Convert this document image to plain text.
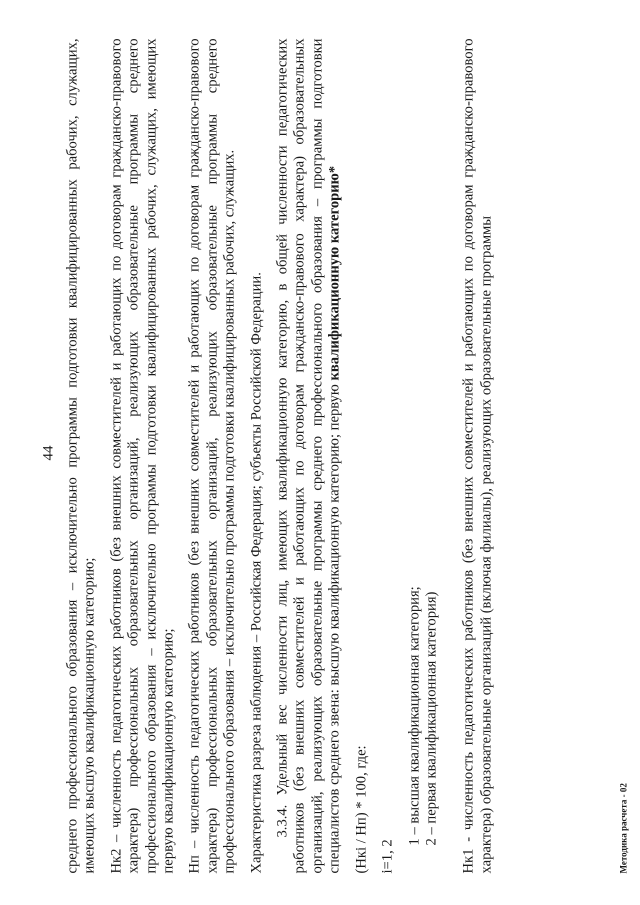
44 среднего профессионального образования – исключительно программы подготовки квалифицированных рабочих, служащих, имеющих высшую квалификационную категорию; Нк2 – численность педагогических работников (без внешних совместителей и работающих по договорам гражданско-правового характера) профессиональных образовательных организаций, реализующих образовательные программы среднего профессионального образования – исключительно программы подготовки квалифицированных рабочих, служащих, имеющих первую квалификационную категорию; Нп – численность педагогических работников (без внешних совместителей и работающих по договорам гражданско-правового характера) профессиональных образовательных организаций, реализующих образовательные программы среднего профессионального образования – исключительно программы подготовки квалифицированных рабочих, служащих. Характеристика разреза наблюдения – Российская Федерация; субъекты Российской Федерации. 3.3.4. Удельный вес численности лиц, имеющих квалификационную категорию, в общей численности педагогических работников (без внешних совместителей и работающих по договорам гражданско-правового характера) образовательных организаций, реализующих образовательные программы среднего профессионального образования – программы подготовки специалистов среднего звена: высшую квалификационную категорию; первую квалификационную категорию*

(Нкi / Нп) * 100, где: i=1, 2

1 – высшая квалификационная категория; 2 – первая квалификационная категория) Нк1 - численность педагогических работников (без внешних совместителей и работающих по договорам гражданско-правового характера) образовательные организаций (включая филиалы), реализующих образовательные программы	Методика расчета - 02
